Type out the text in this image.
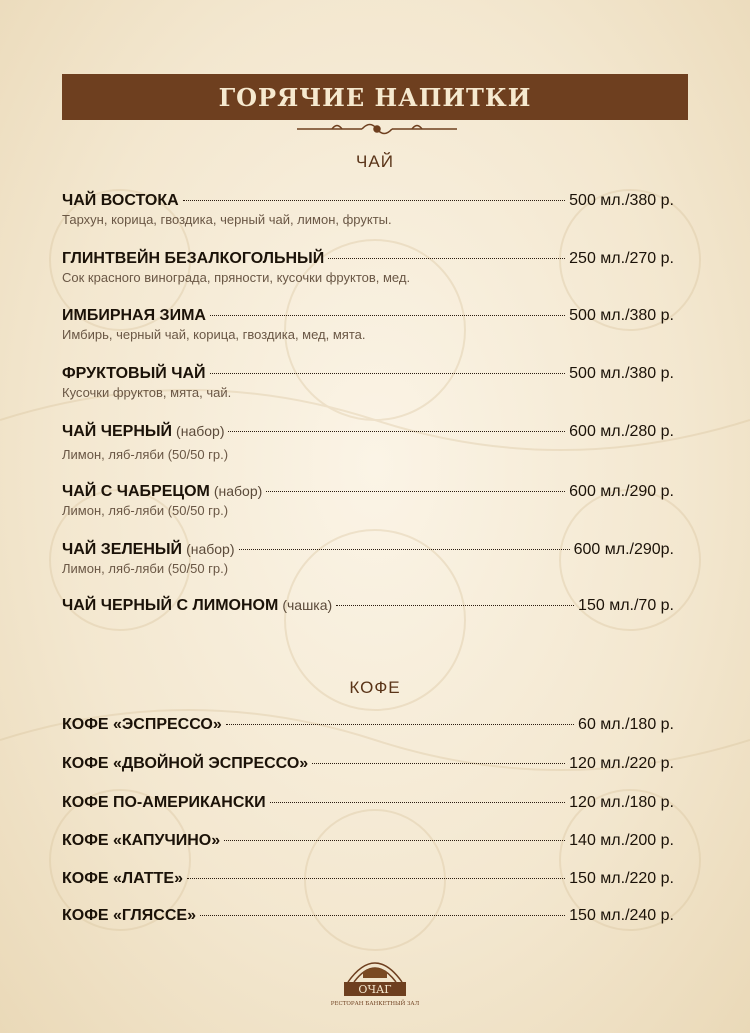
ГОРЯЧИЕ НАПИТКИ
ЧАЙ
ЧАЙ ВОСТОКА	500 мл./380 р.
Тархун, корица, гвоздика, черный чай, лимон, фрукты.
ГЛИНТВЕЙН БЕЗАЛКОГОЛЬНЫЙ	250 мл./270 р.
Сок красного винограда, пряности, кусочки фруктов, мед.
ИМБИРНАЯ ЗИМА	500 мл./380 р.
Имбирь, черный чай, корица, гвоздика, мед, мята.
ФРУКТОВЫЙ ЧАЙ	500 мл./380 р.
Кусочки фруктов, мята, чай.
ЧАЙ ЧЕРНЫЙ (набор)	600 мл./280 р.
Лимон, ляб-ляби (50/50 гр.)
ЧАЙ С ЧАБРЕЦОМ (набор)	600 мл./290 р.
Лимон, ляб-ляби (50/50 гр.)
ЧАЙ ЗЕЛЕНЫЙ (набор)	600 мл./290р.
Лимон, ляб-ляби (50/50 гр.)
ЧАЙ ЧЕРНЫЙ С ЛИМОНОМ (чашка)	150 мл./70 р.
КОФЕ
КОФЕ «ЭСПРЕССО»	60 мл./180 р.
КОФЕ «ДВОЙНОЙ ЭСПРЕССО»	120 мл./220 р.
КОФЕ ПО-АМЕРИКАНСКИ	120 мл./180 р.
КОФЕ «КАПУЧИНО»	140 мл./200 р.
КОФЕ «ЛАТТЕ»	150 мл./220 р.
КОФЕ «ГЛЯССЕ»	150 мл./240 р.
ОЧАГ
РЕСТОРАН БАНКЕТНЫЙ ЗАЛ
